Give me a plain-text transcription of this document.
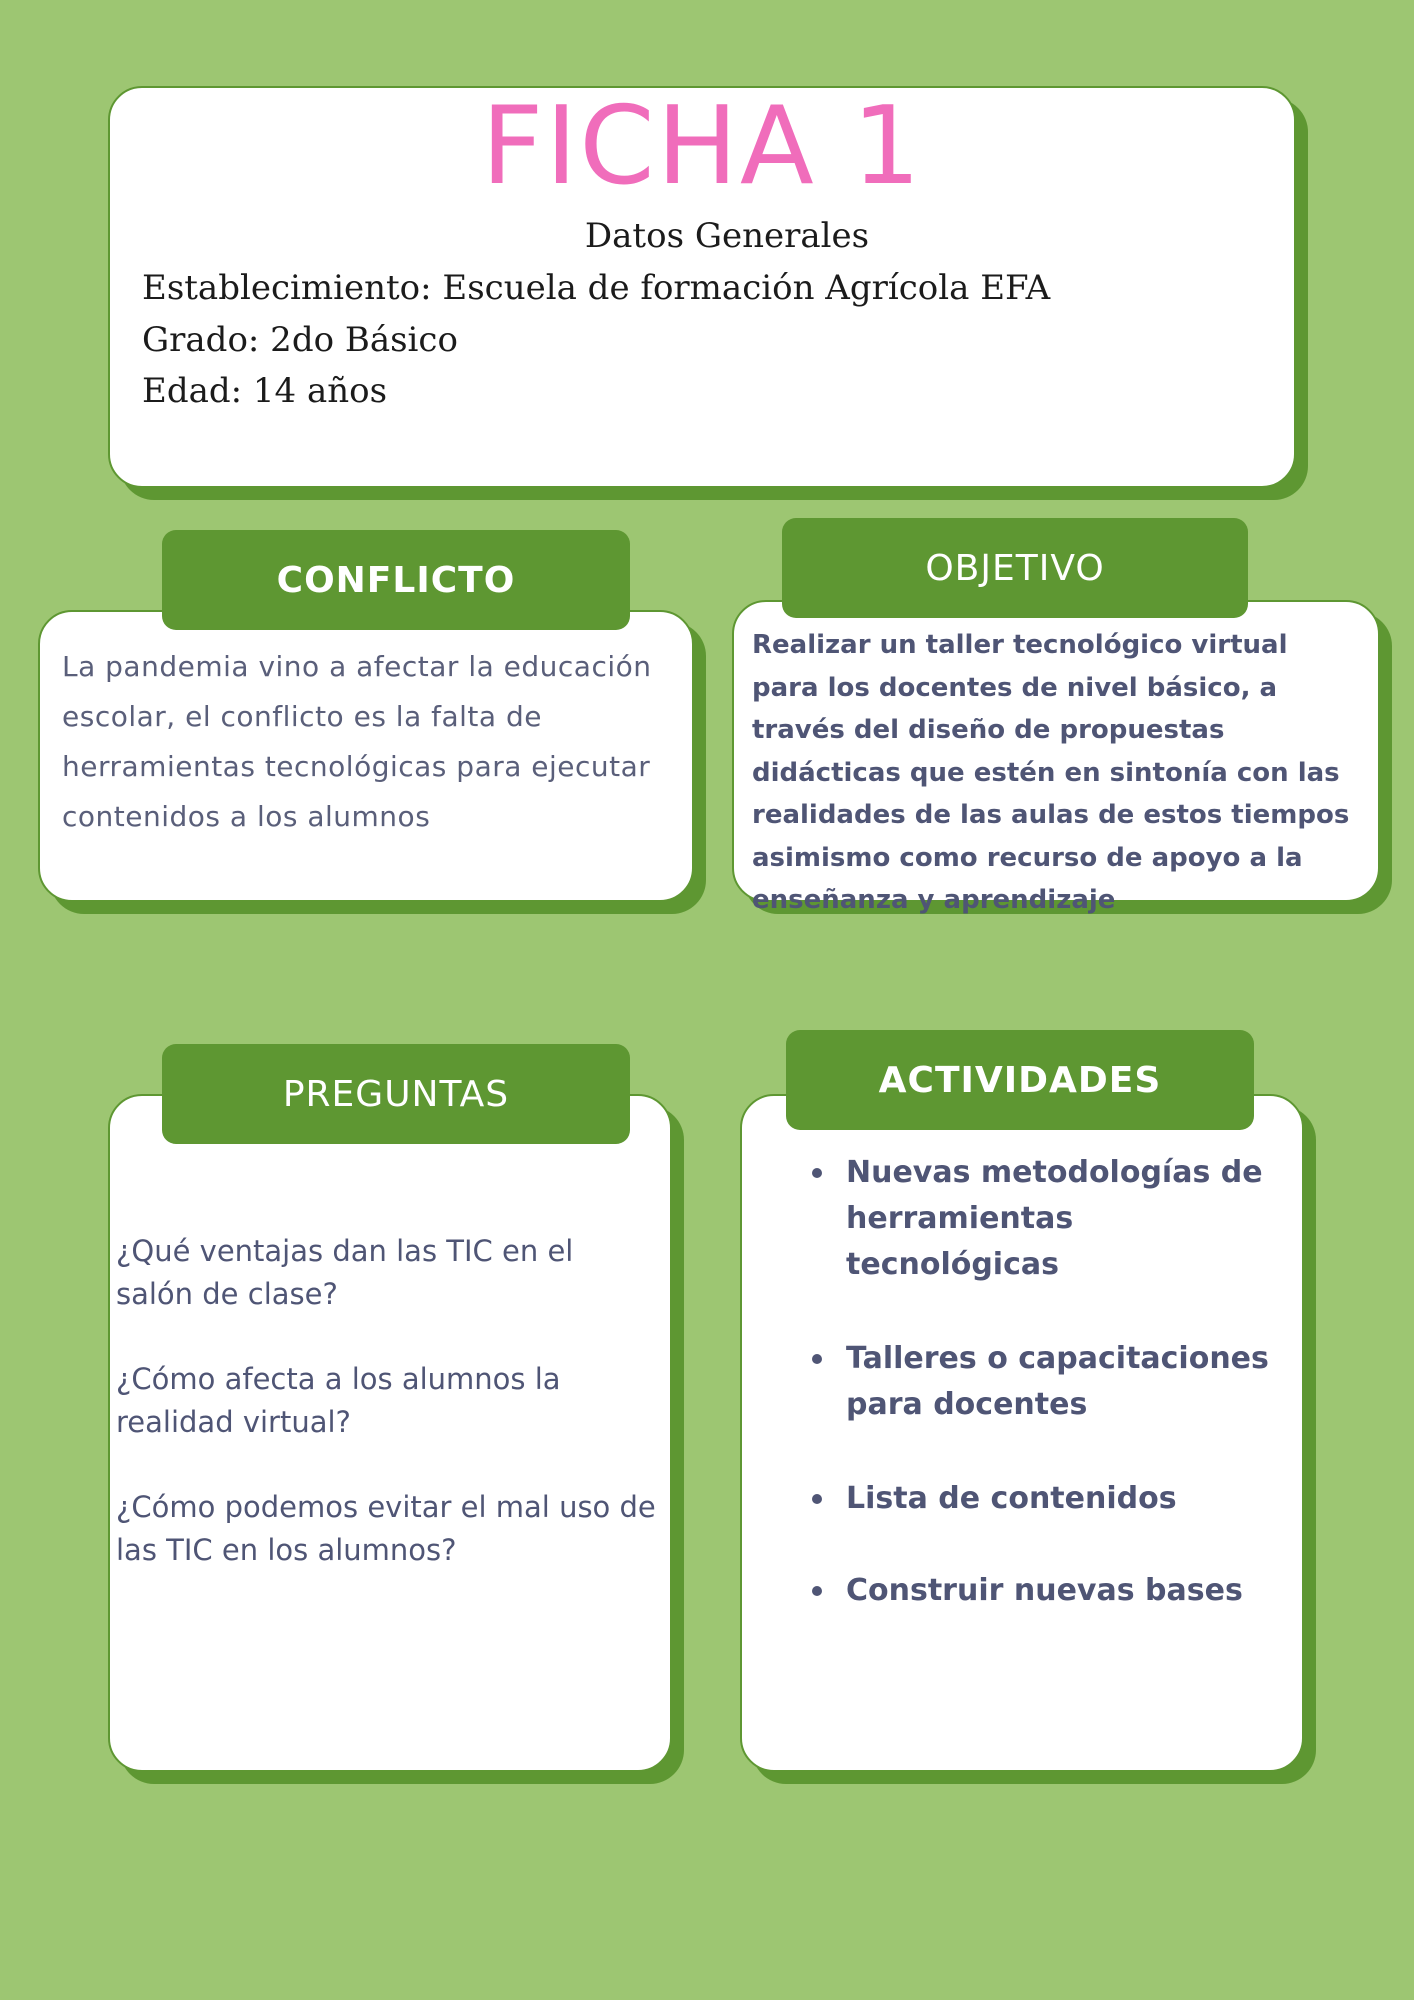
FICHA 1

Datos Generales

Establecimiento: Escuela de formación Agrícola EFA

Grado: 2do Básico

Edad: 14 años

La pandemia vino a afectar la educación escolar, el conflicto es la falta de herramientas tecnológicas para ejecutar contenidos a los alumnos

CONFLICTO

Realizar un taller tecnológico virtual para los docentes de nivel básico, a través del diseño de propuestas didácticas que estén en sintonía con las realidades de las aulas de estos tiempos asimismo como recurso de apoyo a la enseñanza y aprendizaje

OBJETIVO

¿Qué ventajas dan las TIC en el salón de clase?

¿Cómo afecta a los alumnos la realidad virtual?

¿Cómo podemos evitar el mal uso de las TIC en los alumnos?

PREGUNTAS
Nuevas metodologías de herramientas tecnológicas
Talleres o capacitaciones para docentes
Lista de contenidos
Construir nuevas bases
ACTIVIDADES
